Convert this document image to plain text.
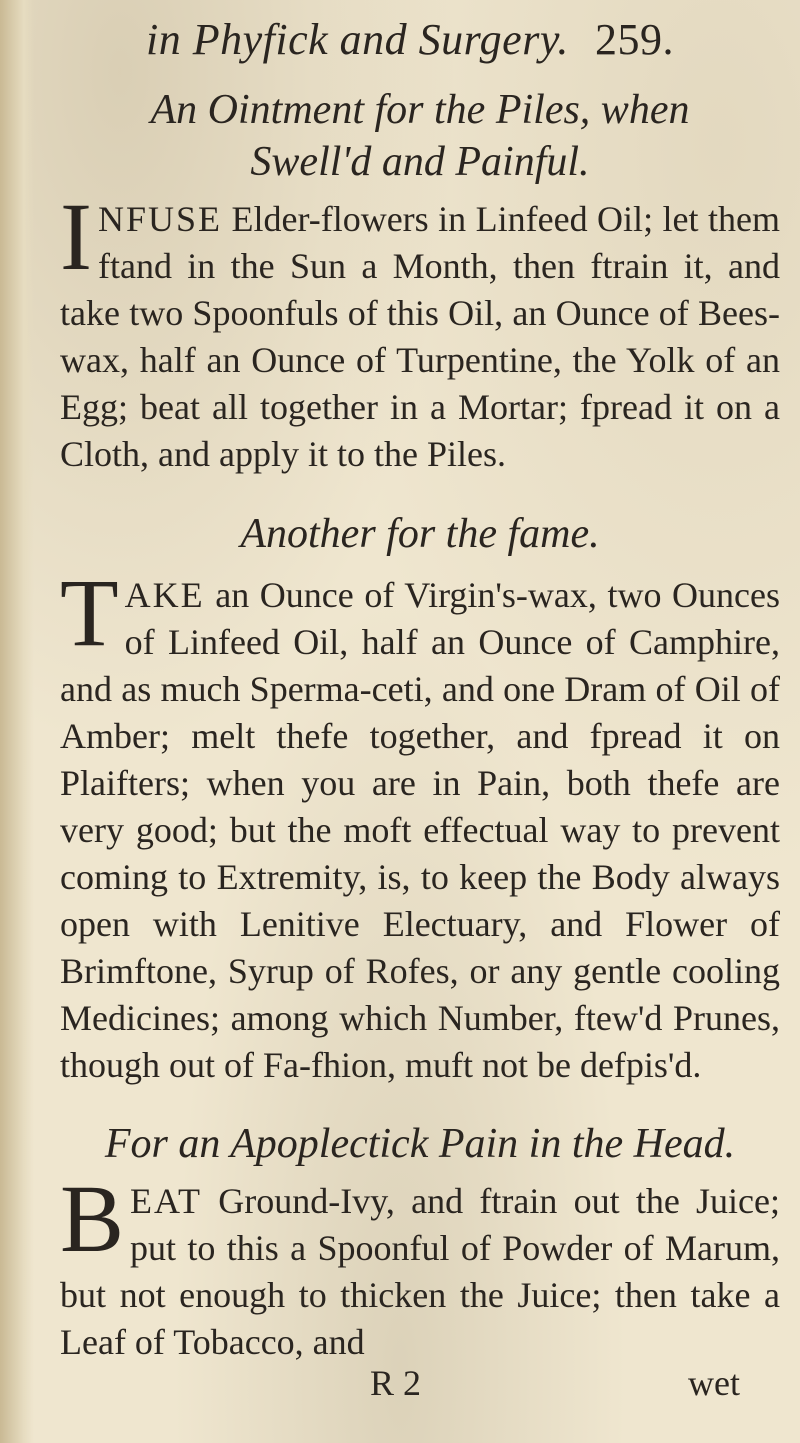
in Phyfick and Surgery. 259.
An Ointment for the Piles, when Swell'd and Painful.

INFUSE Elder-flowers in Linfeed Oil; let them ftand in the Sun a Month, then ftrain it, and take two Spoonfuls of this Oil, an Ounce of Bees-wax, half an Ounce of Turpentine, the Yolk of an Egg; beat all together in a Mortar; fpread it on a Cloth, and apply it to the Piles.

Another for the fame.

TAKE an Ounce of Virgin's-wax, two Ounces of Linfeed Oil, half an Ounce of Camphire, and as much Sperma-ceti, and one Dram of Oil of Amber; melt thefe together, and fpread it on Plaifters; when you are in Pain, both thefe are very good; but the moft effectual way to prevent coming to Extremity, is, to keep the Body always open with Lenitive Electuary, and Flower of Brimftone, Syrup of Rofes, or any gentle cooling Medicines; among which Number, ftew'd Prunes, though out of Fa-fhion, muft not be defpis'd.

For an Apoplectick Pain in the Head.

BEAT Ground-Ivy, and ftrain out the Juice; put to this a Spoonful of Powder of Marum, but not enough to thicken the Juice; then take a Leaf of Tobacco, and

R 2	wet
